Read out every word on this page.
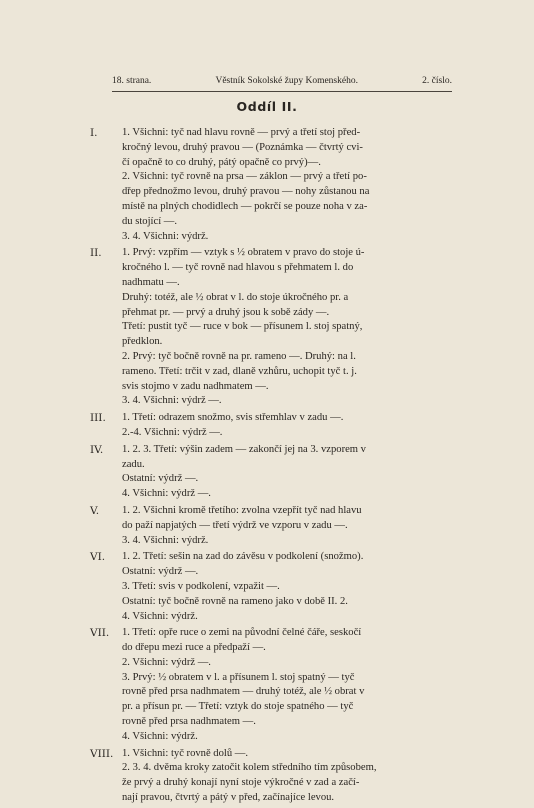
18. strana.	Věstník Sokolské župy Komenského.	2. číslo.
Oddíl II.
I.	1. Všichni: tyč nad hlavu rovně — prvý a třetí stoj před-
kročný levou, druhý pravou — (Poznámka — čtvrtý cvi-
čí opačně to co druhý, pátý opačně co prvý)—.
2. Všichni: tyč rovně na prsa — záklon — prvý a třetí po-
dřep přednožmo levou, druhý pravou — nohy zůstanou na
místě na plných chodidlech — pokrčí se pouze noha v za-
du stojící —.
3. 4. Všichni: výdrž.
II.	1. Prvý: vzpřím — vztyk s ½ obratem v pravo do stoje ú-
kročného l. — tyč rovně nad hlavou s přehmatem l. do
nadhmatu —.
Druhý: totéž, ale ½ obrat v l. do stoje úkročného pr. a
přehmat pr. — prvý a druhý jsou k sobě zády —.
Třetí: pustit tyč — ruce v bok — přísunem l. stoj spatný,
předklon.
2. Prvý: tyč bočně rovně na pr. rameno —. Druhý: na l.
rameno. Třetí: trčit v zad, dlaně vzhůru, uchopit tyč t. j.
svis stojmo v zadu nadhmatem —.
3. 4. Všichni: výdrž —.
III.	1. Třetí: odrazem snožmo, svis střemhlav v zadu —.
2.-4. Všichni: výdrž —.
IV.	1. 2. 3. Třetí: výšin zadem — zakončí jej na 3. vzporem v
zadu.
Ostatní: výdrž —.
4. Všichni: výdrž —.
V.	1. 2. Všichni kromě třetího: zvolna vzepřít tyč nad hlavu
do paží napjatých — třetí výdrž ve vzporu v zadu —.
3. 4. Všichni: výdrž.
VI.	1. 2. Třetí: sešin na zad do závěsu v podkolení (snožmo).
Ostatní: výdrž —.
3. Třetí: svis v podkolení, vzpažit —.
Ostatní: tyč bočně rovně na rameno jako v době II. 2.
4. Všichni: výdrž.
VII.	1. Třetí: opře ruce o zemi na původní čelné čáře, seskočí
do dřepu mezi ruce a předpaží —.
2. Všichni: výdrž —.
3. Prvý: ½ obratem v l. a přísunem l. stoj spatný — tyč
rovně před prsa nadhmatem — druhý totéž, ale ½ obrat v
pr. a přísun pr. — Třetí: vztyk do stoje spatného — tyč
rovně před prsa nadhmatem —.
4. Všichni: výdrž.
VIII. 1. Všichni: tyč rovně dolů —.
2. 3. 4. dvěma kroky zatočit kolem středního tím způsobem,
že prvý a druhý konají nyní stoje výkročné v zad a začí-
nají pravou, čtvrtý a pátý v před, začínajíce levou.
